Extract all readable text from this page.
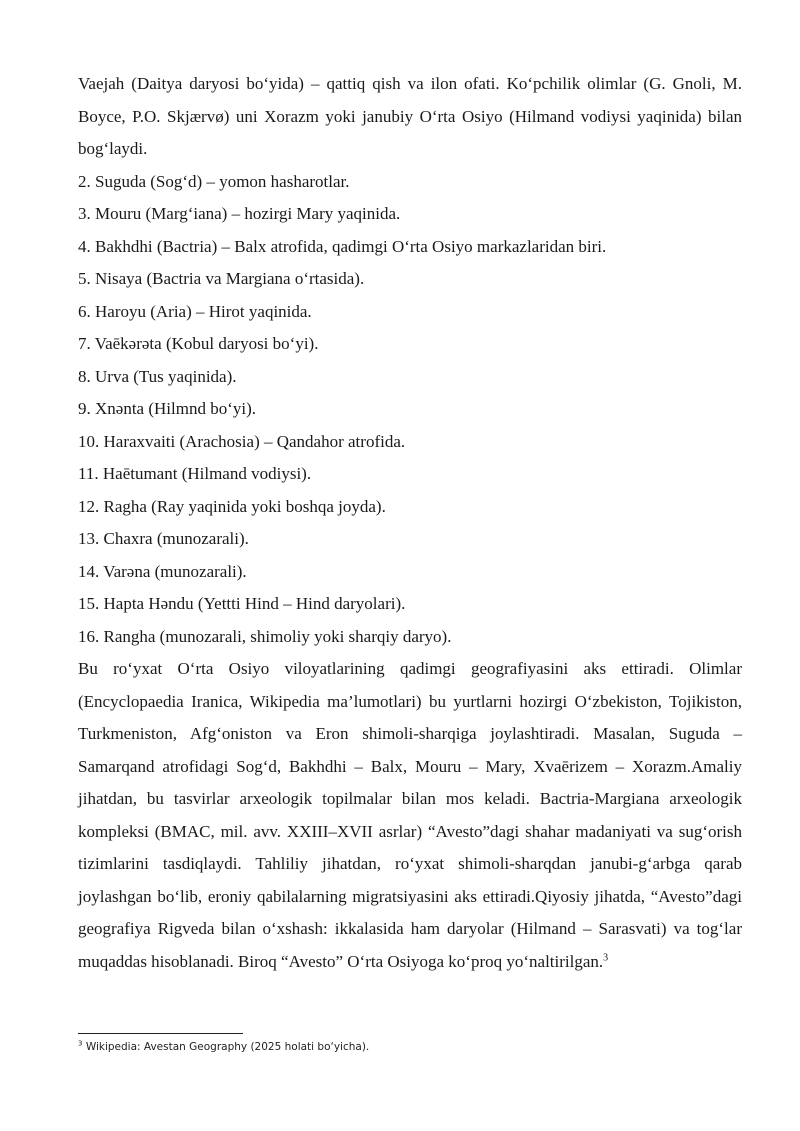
Vaejah (Daitya daryosi bo‘yida) – qattiq qish va ilon ofati. Ko‘pchilik olimlar (G. Gnoli, M. Boyce, P.O. Skjærvø) uni Xorazm yoki janubiy O‘rta Osiyo (Hilmand vodiysi yaqinida) bilan bog‘laydi.

2. Suguda (Sog‘d) – yomon hasharotlar.
3. Mouru (Marg‘iana) – hozirgi Mary yaqinida.
4. Bakhdhi (Bactria) – Balx atrofida, qadimgi O‘rta Osiyo markazlaridan biri.
5. Nisaya (Bactria va Margiana o‘rtasida).
6. Haroyu (Aria) – Hirot yaqinida.
7. Vaēkərəta (Kobul daryosi bo‘yi).
8. Urva (Tus yaqinida).
9. Xnənta (Hilmnd bo‘yi).
10. Haraxvaiti (Arachosia) – Qandahor atrofida.
11. Haētumant (Hilmand vodiysi).
12. Ragha (Ray yaqinida yoki boshqa joyda).
13. Chaxra (munozarali).
14. Varəna (munozarali).
15. Hapta Həndu (Yettti Hind – Hind daryolari).
16. Rangha (munozarali, shimoliy yoki sharqiy daryo).

Bu ro‘yxat O‘rta Osiyo viloyatlarining qadimgi geografiyasini aks ettiradi. Olimlar (Encyclopaedia Iranica, Wikipedia ma’lumotlari) bu yurtlarni hozirgi O‘zbekiston, Tojikiston, Turkmeniston, Afg‘oniston va Eron shimoli-sharqiga joylashtiradi. Masalan, Suguda – Samarqand atrofidagi Sog‘d, Bakhdhi – Balx, Mouru – Mary, Xvaērizem – Xorazm.Amaliy jihatdan, bu tasvirlar arxeologik topilmalar bilan mos keladi. Bactria-Margiana arxeologik kompleksi (BMAC, mil. avv. XXIII–XVII asrlar) “Avesto”dagi shahar madaniyati va sug‘orish tizimlarini tasdiqlaydi. Tahliliy jihatdan, ro‘yxat shimoli-sharqdan janubi-g‘arbga qarab joylashgan bo‘lib, eroniy qabilalarning migratsiyasini aks ettiradi.Qiyosiy jihatda, “Avesto”dagi geografiya Rigveda bilan o‘xshash: ikkalasida ham daryolar (Hilmand – Sarasvati) va tog‘lar muqaddas hisoblanadi. Biroq “Avesto” O‘rta Osiyoga ko‘proq yo‘naltirilgan.$^3$

$^3$ Wikipedia: Avestan Geography (2025 holati bo‘yicha).
